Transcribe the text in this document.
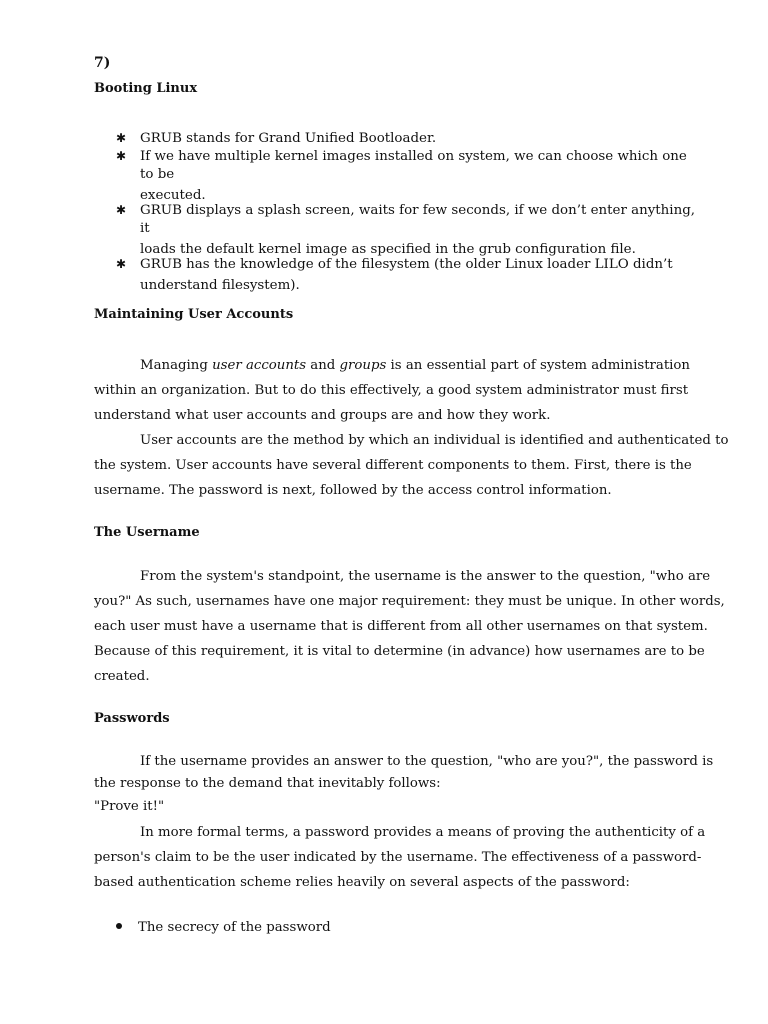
7)
Booting Linux
✱ GRUB stands for Grand Unified Bootloader.
✱ If we have multiple kernel images installed on system, we can choose which one to be
executed.
✱ GRUB displays a splash screen, waits for few seconds, if we don’t enter anything, it
loads the default kernel image as specified in the grub configuration file.
✱ GRUB has the knowledge of the filesystem (the older Linux loader LILO didn’t
understand filesystem).
Maintaining User Accounts

Managing user accounts and groups is an essential part of system administration
within an organization. But to do this effectively, a good system administrator must first
understand what user accounts and groups are and how they work.
User accounts are the method by which an individual is identified and authenticated to
the system. User accounts have several different components to them. First, there is the
username. The password is next, followed by the access control information.

The Username

From the system's standpoint, the username is the answer to the question, "who are
you?" As such, usernames have one major requirement: they must be unique. In other words,
each user must have a username that is different from all other usernames on that system.
Because of this requirement, it is vital to determine (in advance) how usernames are to be
created.

Passwords

If the username provides an answer to the question, "who are you?", the password is
the response to the demand that inevitably follows:
"Prove it!"
In more formal terms, a password provides a means of proving the authenticity of a
person's claim to be the user indicated by the username. The effectiveness of a password-
based authentication scheme relies heavily on several aspects of the password:

The secrecy of the password
